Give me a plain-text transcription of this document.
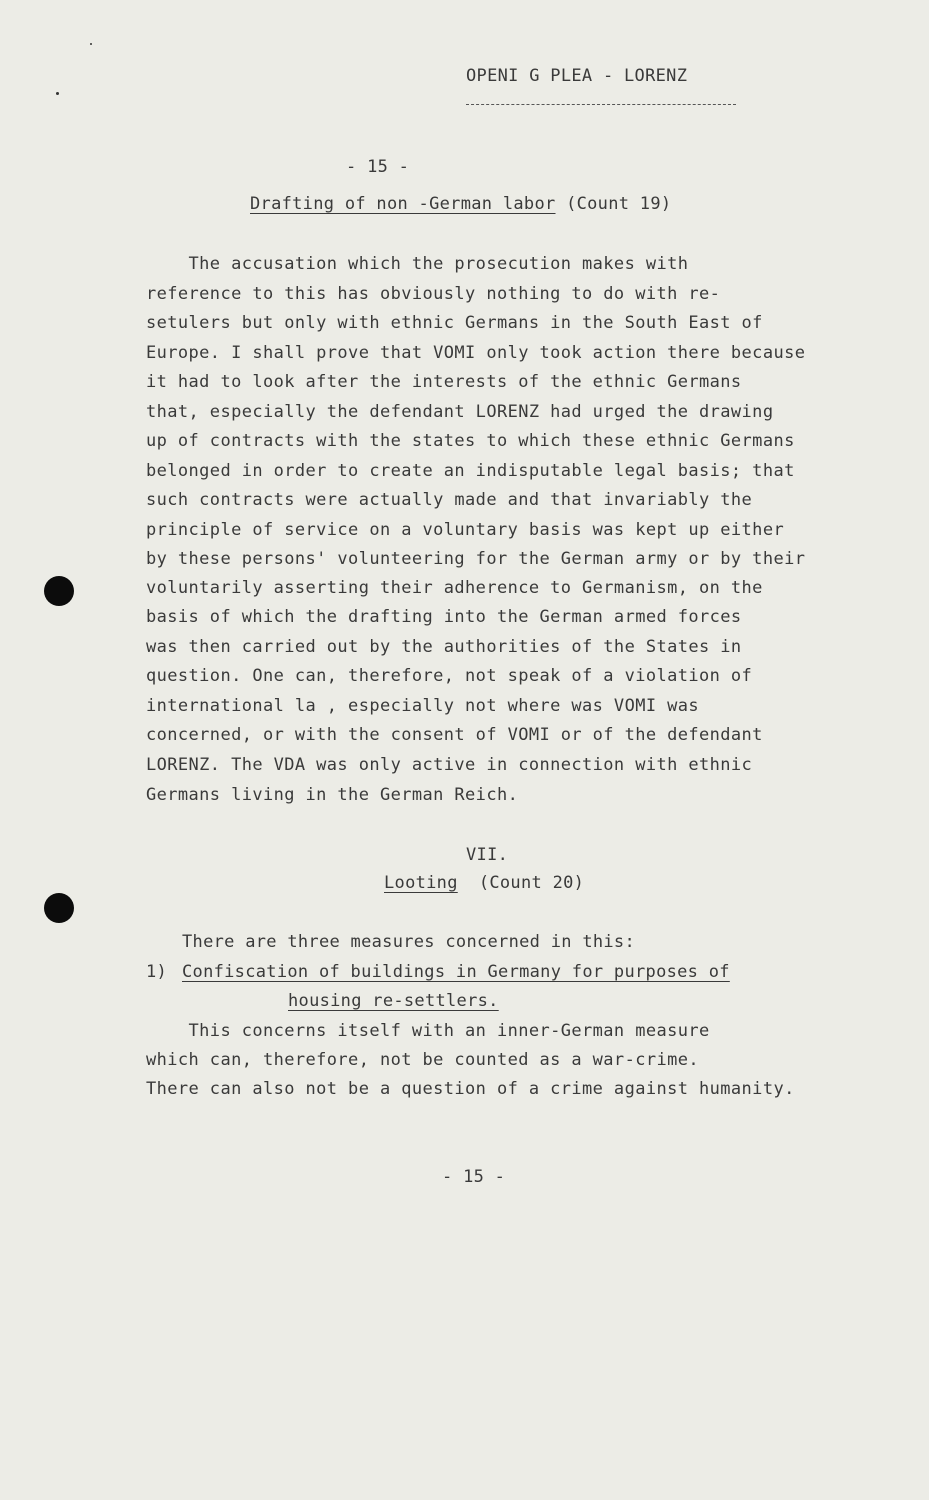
OPENI G PLEA - LORENZ
- 15 -
Drafting of non -German labor (Count 19)
The accusation which the prosecution makes with
reference to this has obviously nothing to do with re-
setulers but only with ethnic Germans in the South East of
Europe. I shall prove that VOMI only took action there because
it had to look after the interests of the ethnic Germans
that, especially the defendant LORENZ had urged the drawing
up of contracts with the states to which these ethnic Germans
belonged in order to create an indisputable legal basis; that
such contracts were actually made and that invariably the
principle of service on a voluntary basis was kept up either
by these persons' volunteering for the German army or by their
voluntarily asserting their adherence to Germanism, on the
basis of which the drafting into the German armed forces
was then carried out by the authorities of the States in
question. One can, therefore, not speak of a violation of
international la , especially not where was VOMI was
concerned, or with the consent of VOMI or of the defendant
LORENZ. The VDA was only active in connection with ethnic
Germans living in the German Reich.
VII.
Looting (Count 20)
There are three measures concerned in this:
1) Confiscation of buildings in Germany for purposes of
housing re-settlers.
This concerns itself with an inner-German measure
which can, therefore, not be counted as a war-crime.
There can also not be a question of a crime against humanity.
- 15 -
